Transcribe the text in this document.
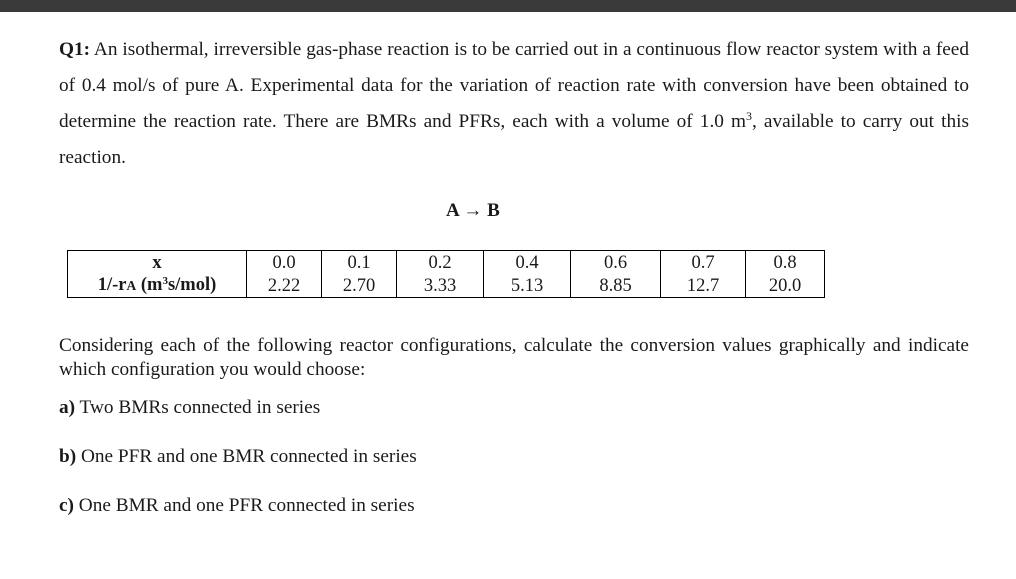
Q1: An isothermal, irreversible gas-phase reaction is to be carried out in a continuous flow reactor system with a feed of 0.4 mol/s of pure A. Experimental data for the variation of reaction rate with conversion have been obtained to determine the reaction rate. There are BMRs and PFRs, each with a volume of 1.0 $m^3$, available to carry out this reaction.
A → B
x	0.0	0.1	0.2	0.4	0.6	0.7	0.8
1/-rA $(m^3s/mol)$	2.22	2.70	3.33	5.13	8.85	12.7	20.0
Considering each of the following reactor configurations, calculate the conversion values graphically and indicate which configuration you would choose:
a) Two BMRs connected in series
b) One PFR and one BMR connected in series
c) One BMR and one PFR connected in series
